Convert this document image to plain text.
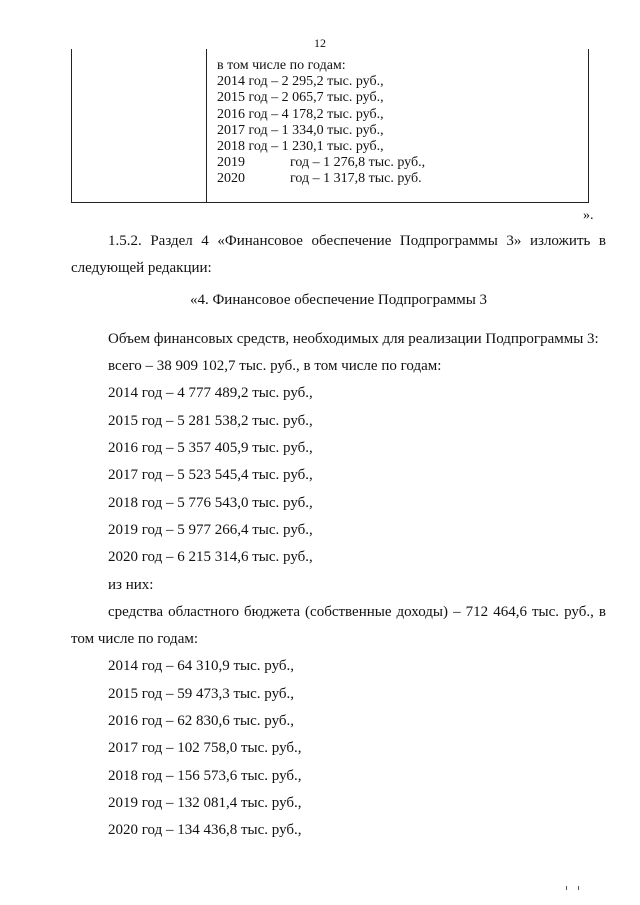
12
в том числе по годам:
2014 год – 2 295,2 тыс. руб.,
2015 год – 2 065,7 тыс. руб.,
2016 год – 4 178,2 тыс. руб.,
2017 год – 1 334,0 тыс. руб.,
2018 год – 1 230,1 тыс. руб.,
2019	год – 1 276,8 тыс. руб.,
2020	год – 1 317,8 тыс. руб.
».

1.5.2. Раздел 4 «Финансовое обеспечение Подпрограммы 3» изложить в следующей редакции:

«4. Финансовое обеспечение Подпрограммы 3

Объем финансовых средств, необходимых для реализации Подпрограммы 3:

всего – 38 909 102,7 тыс. руб., в том числе по годам:

2014 год – 4 777 489,2 тыс. руб.,

2015 год – 5 281 538,2 тыс. руб.,

2016 год – 5 357 405,9 тыс. руб.,

2017 год – 5 523 545,4 тыс. руб.,

2018 год – 5 776 543,0 тыс. руб.,

2019 год – 5 977 266,4 тыс. руб.,

2020 год – 6 215 314,6 тыс. руб.,

из них:

средства областного бюджета (собственные доходы) – 712 464,6 тыс. руб., в том числе по годам:

2014 год – 64 310,9 тыс. руб.,

2015 год – 59 473,3 тыс. руб.,

2016 год – 62 830,6 тыс. руб.,

2017 год – 102 758,0 тыс. руб.,

2018 год – 156 573,6 тыс. руб.,

2019 год – 132 081,4 тыс. руб.,

2020 год – 134 436,8 тыс. руб.,
